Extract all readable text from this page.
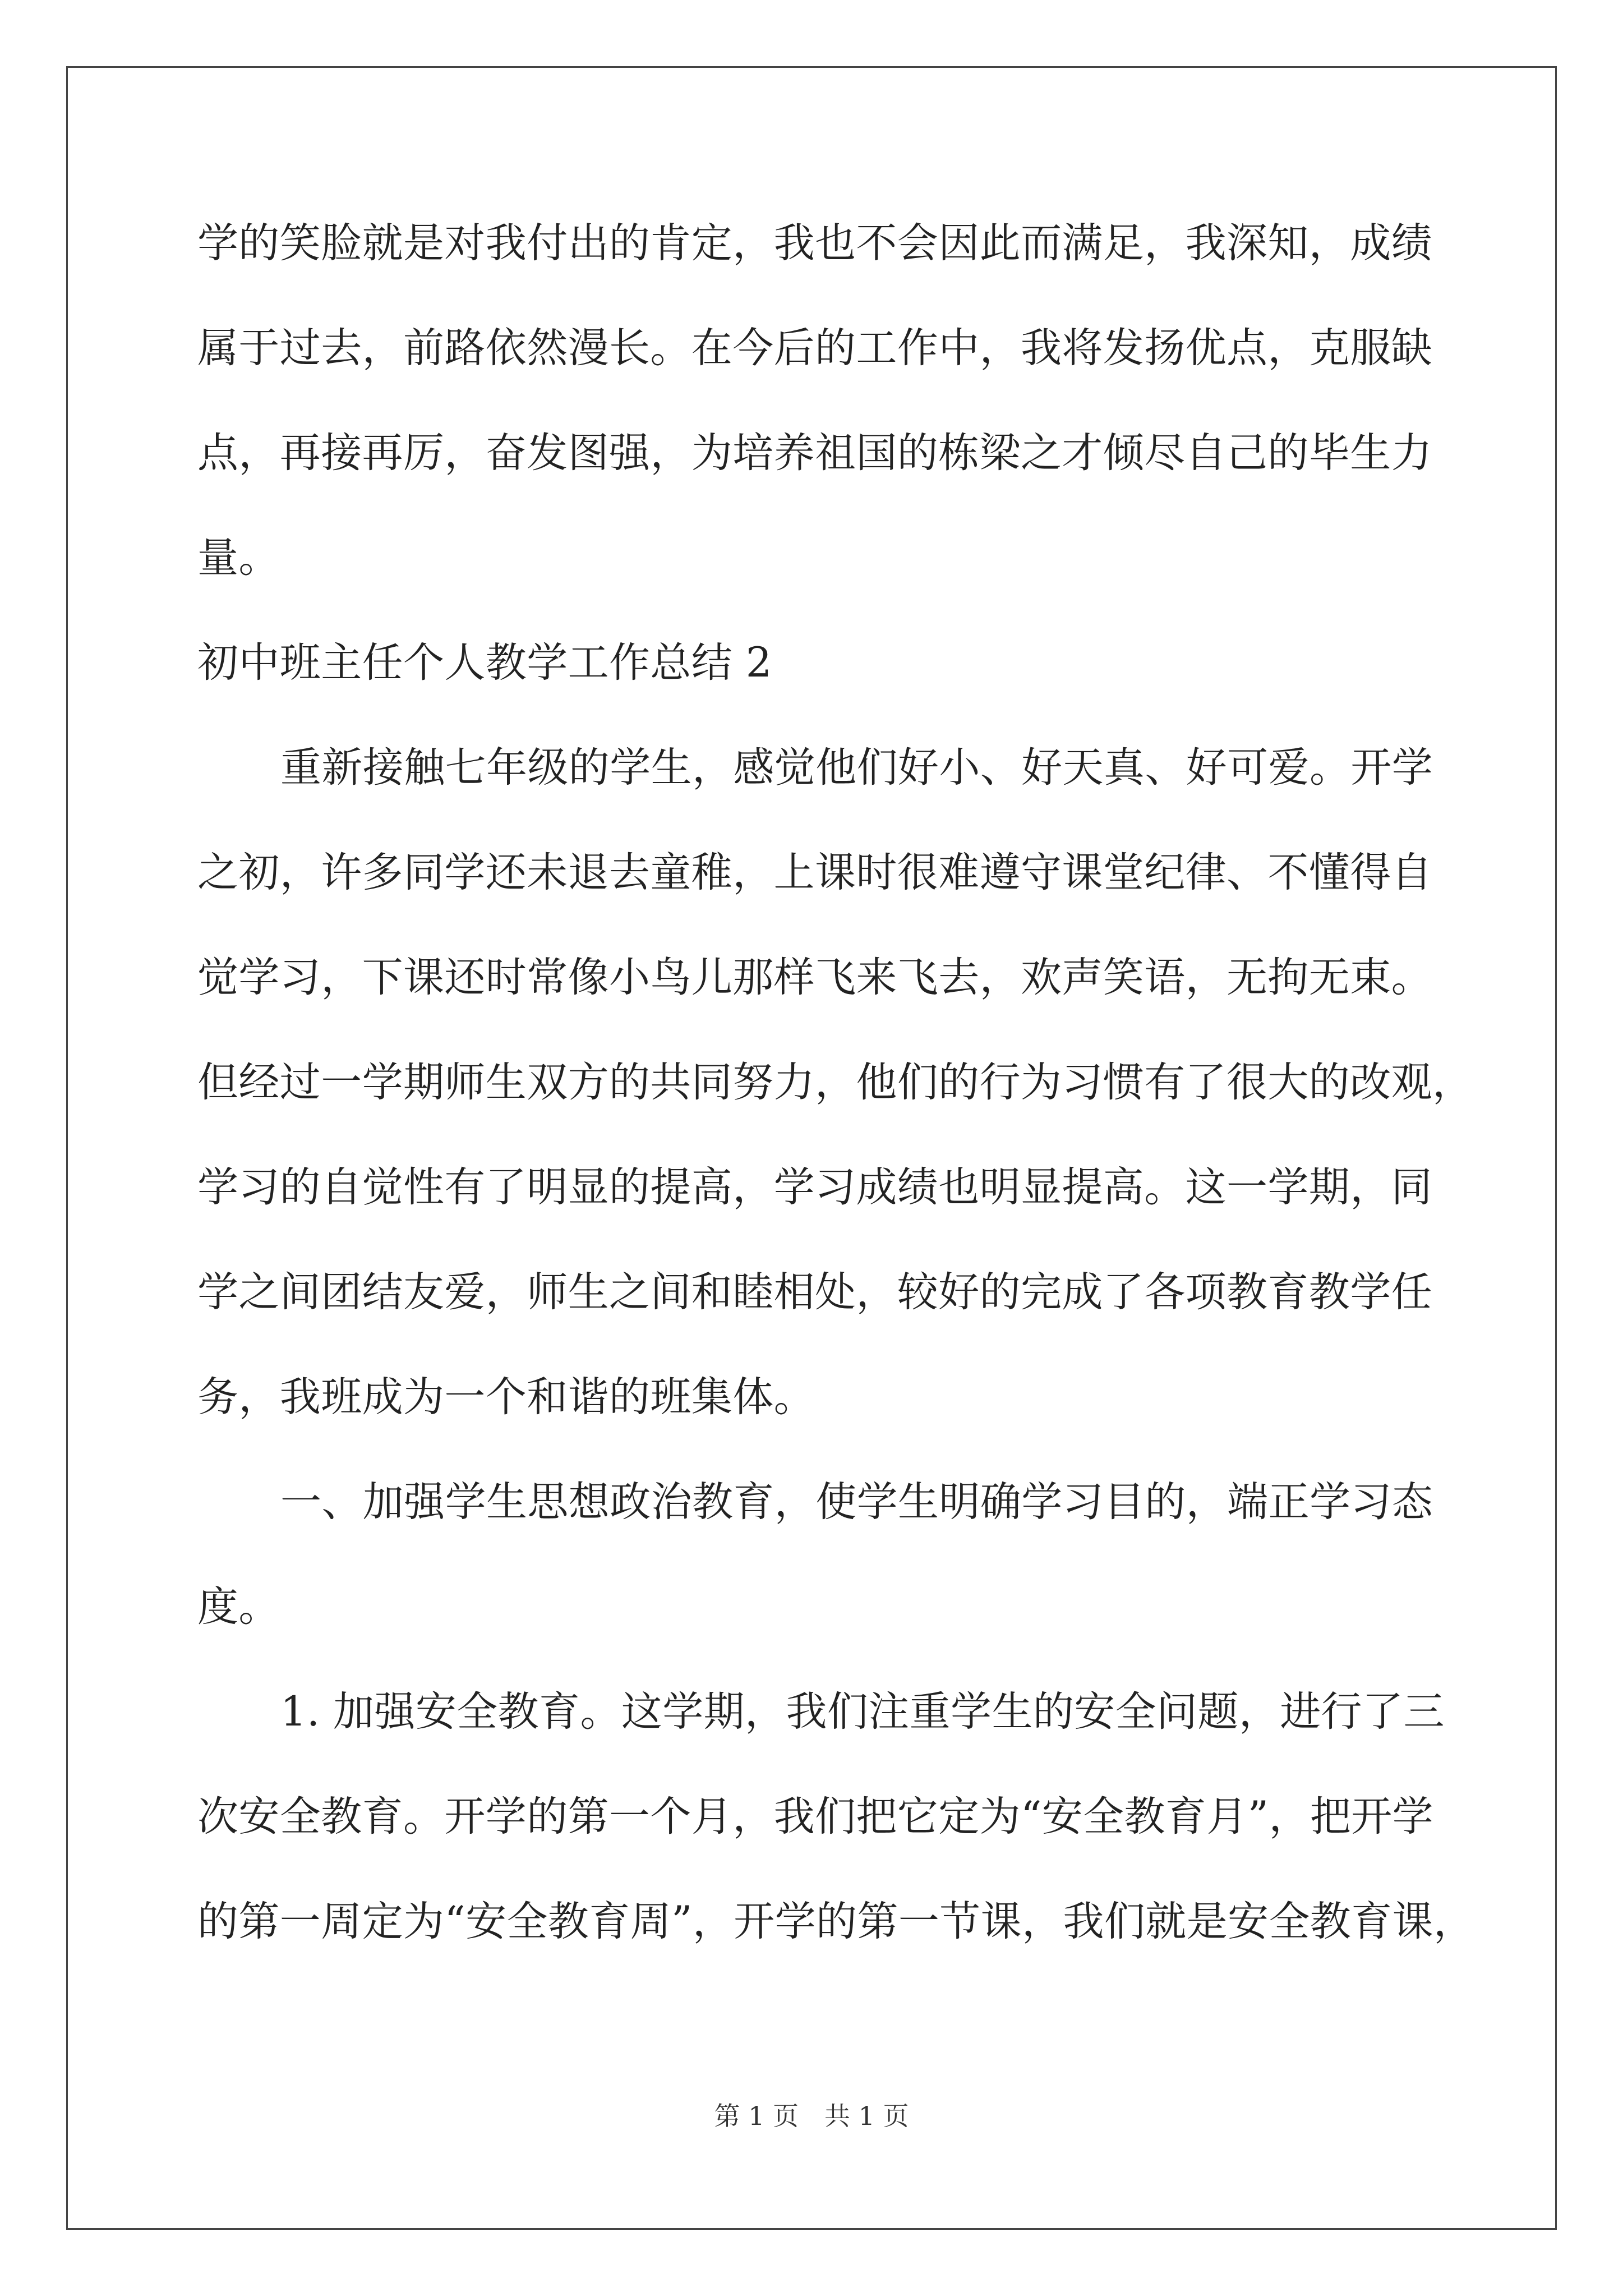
学的笑脸就是对我付出的肯定，我也不会因此而满足，我深知，成绩
属于过去，前路依然漫长。在今后的工作中，我将发扬优点，克服缺
点，再接再厉，奋发图强，为培养祖国的栋梁之才倾尽自己的毕生力
量。
初中班主任个人教学工作总结 2
重新接触七年级的学生，感觉他们好小、好天真、好可爱。开学
之初，许多同学还未退去童稚，上课时很难遵守课堂纪律、不懂得自
觉学习，下课还时常像小鸟儿那样飞来飞去，欢声笑语，无拘无束。
但经过一学期师生双方的共同努力，他们的行为习惯有了很大的改观，
学习的自觉性有了明显的提高，学习成绩也明显提高。这一学期，同
学之间团结友爱，师生之间和睦相处，较好的完成了各项教育教学任
务，我班成为一个和谐的班集体。
一、加强学生思想政治教育，使学生明确学习目的，端正学习态
度。
1. 加强安全教育。这学期，我们注重学生的安全问题，进行了三
次安全教育。开学的第一个月，我们把它定为“安全教育月”，把开学
的第一周定为“安全教育周”，开学的第一节课，我们就是安全教育课，
第 1 页　共 1 页
